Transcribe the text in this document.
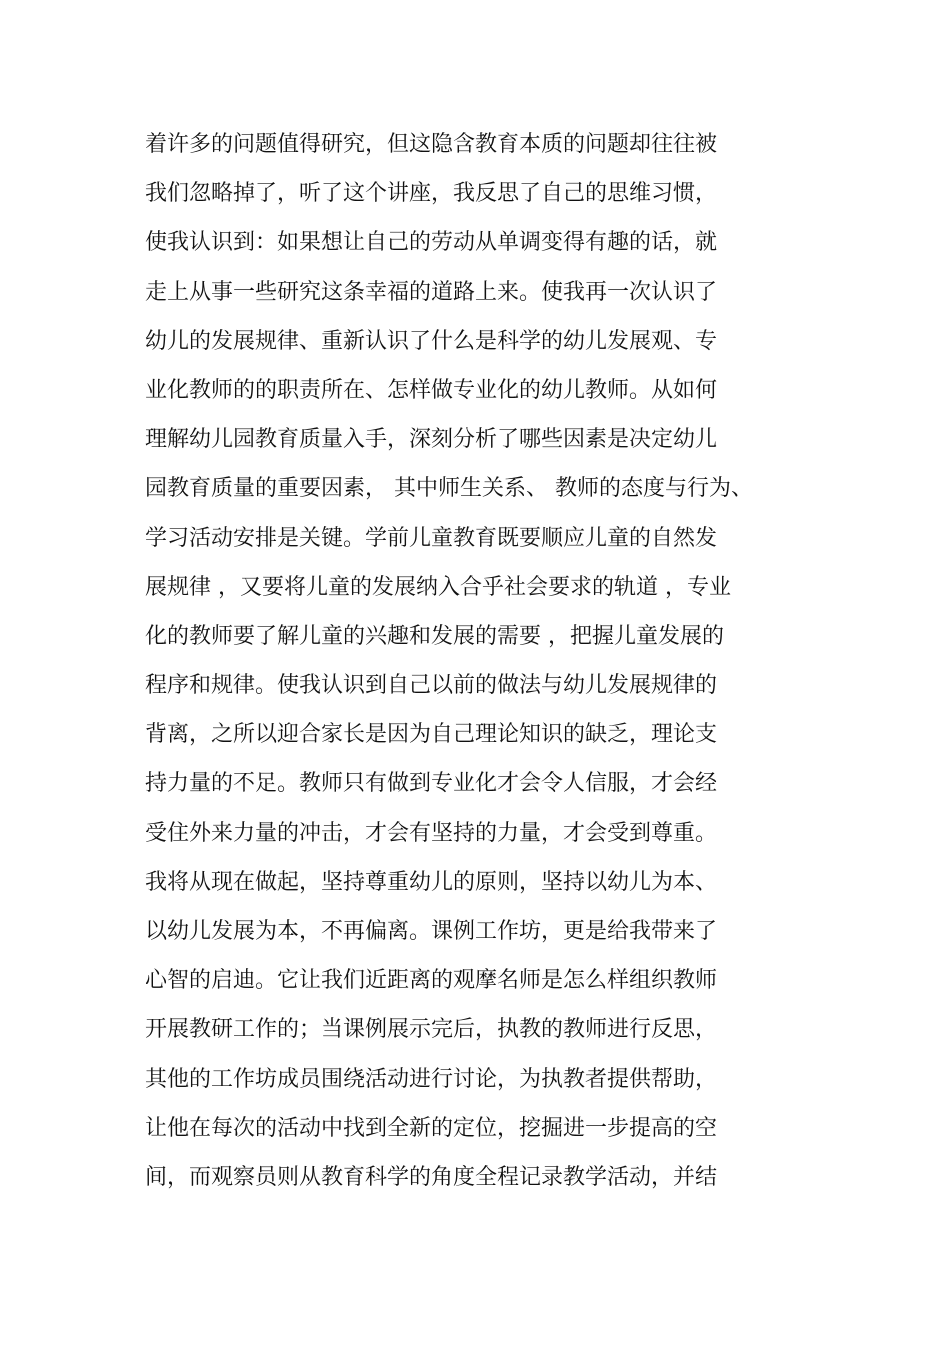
着许多的问题值得研究，但这隐含教育本质的问题却往往被
我们忽略掉了，听了这个讲座，我反思了自己的思维习惯，
使我认识到：如果想让自己的劳动从单调变得有趣的话，就
走上从事一些研究这条幸福的道路上来。使我再一次认识了
幼儿的发展规律、重新认识了什么是科学的幼儿发展观、专
业化教师的的职责所在、怎样做专业化的幼儿教师。从如何
理解幼儿园教育质量入手，深刻分析了哪些因素是决定幼儿
园教育质量的重要因素， 其中师生关系、 教师的态度与行为、
学习活动安排是关键。学前儿童教育既要顺应儿童的自然发
展规律 ，又要将儿童的发展纳入合乎社会要求的轨道 ，专业
化的教师要了解儿童的兴趣和发展的需要 ，把握儿童发展的
程序和规律。使我认识到自己以前的做法与幼儿发展规律的
背离，之所以迎合家长是因为自己理论知识的缺乏，理论支
持力量的不足。教师只有做到专业化才会令人信服，才会经
受住外来力量的冲击，才会有坚持的力量，才会受到尊重。
我将从现在做起，坚持尊重幼儿的原则，坚持以幼儿为本、
以幼儿发展为本，不再偏离。课例工作坊，更是给我带来了
心智的启迪。它让我们近距离的观摩名师是怎么样组织教师
开展教研工作的；当课例展示完后，执教的教师进行反思，
其他的工作坊成员围绕活动进行讨论，为执教者提供帮助，
让他在每次的活动中找到全新的定位，挖掘进一步提高的空
间，而观察员则从教育科学的角度全程记录教学活动，并结
